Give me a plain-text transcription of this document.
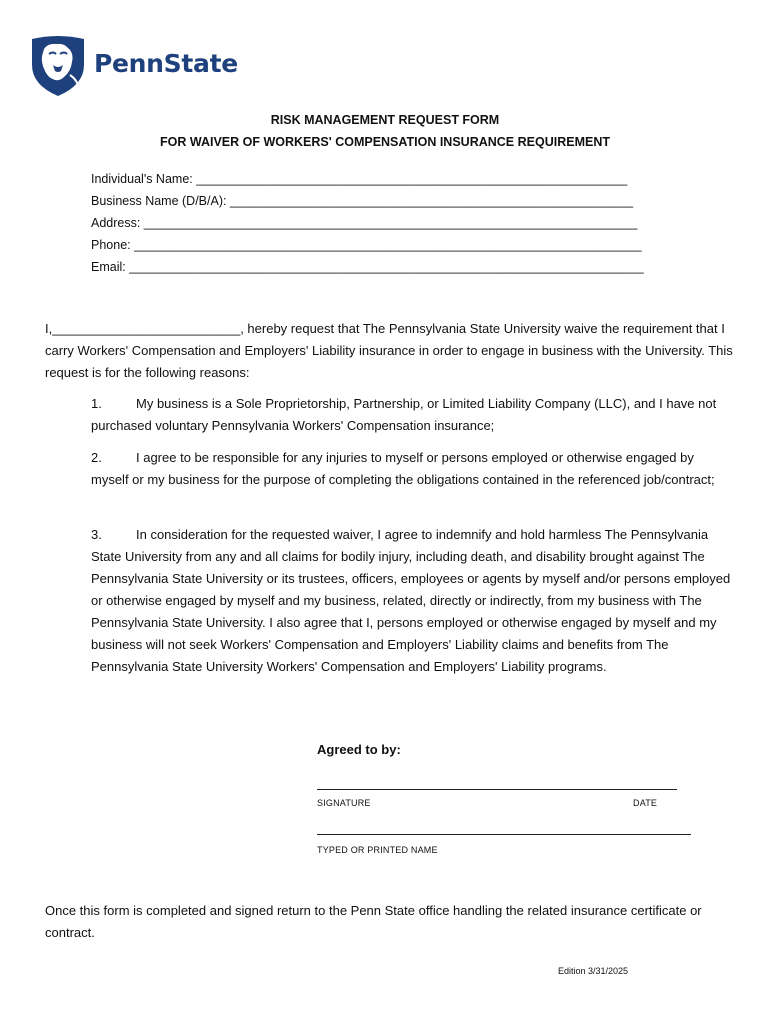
PennState
RISK MANAGEMENT REQUEST FORM
FOR WAIVER OF WORKERS' COMPENSATION INSURANCE REQUIREMENT
Individual's Name: ______________________________________________________________
Business Name (D/B/A): __________________________________________________________
Address: _______________________________________________________________________
Phone: _________________________________________________________________________
Email: __________________________________________________________________________
I,__________________________, hereby request that The Pennsylvania State University waive the requirement that I carry Workers' Compensation and Employers' Liability insurance in order to engage in business with the University. This request is for the following reasons:
1.	My business is a Sole Proprietorship, Partnership, or Limited Liability Company (LLC), and I have not purchased voluntary Pennsylvania Workers' Compensation insurance;
2.	I agree to be responsible for any injuries to myself or persons employed or otherwise engaged by myself or my business for the purpose of completing the obligations contained in the referenced job/contract;
3.	In consideration for the requested waiver, I agree to indemnify and hold harmless The Pennsylvania State University from any and all claims for bodily injury, including death, and disability brought against The Pennsylvania State University or its trustees, officers, employees or agents by myself and/or persons employed or otherwise engaged by myself and my business, related, directly or indirectly, from my business with The Pennsylvania State University. I also agree that I, persons employed or otherwise engaged by myself and my business will not seek Workers' Compensation and Employers' Liability claims and benefits from The Pennsylvania State University Workers' Compensation and Employers' Liability programs.
Agreed to by:
SIGNATURE	DATE
TYPED OR PRINTED NAME
Once this form is completed and signed return to the Penn State office handling the related insurance certificate or contract.
Edition 3/31/2025
